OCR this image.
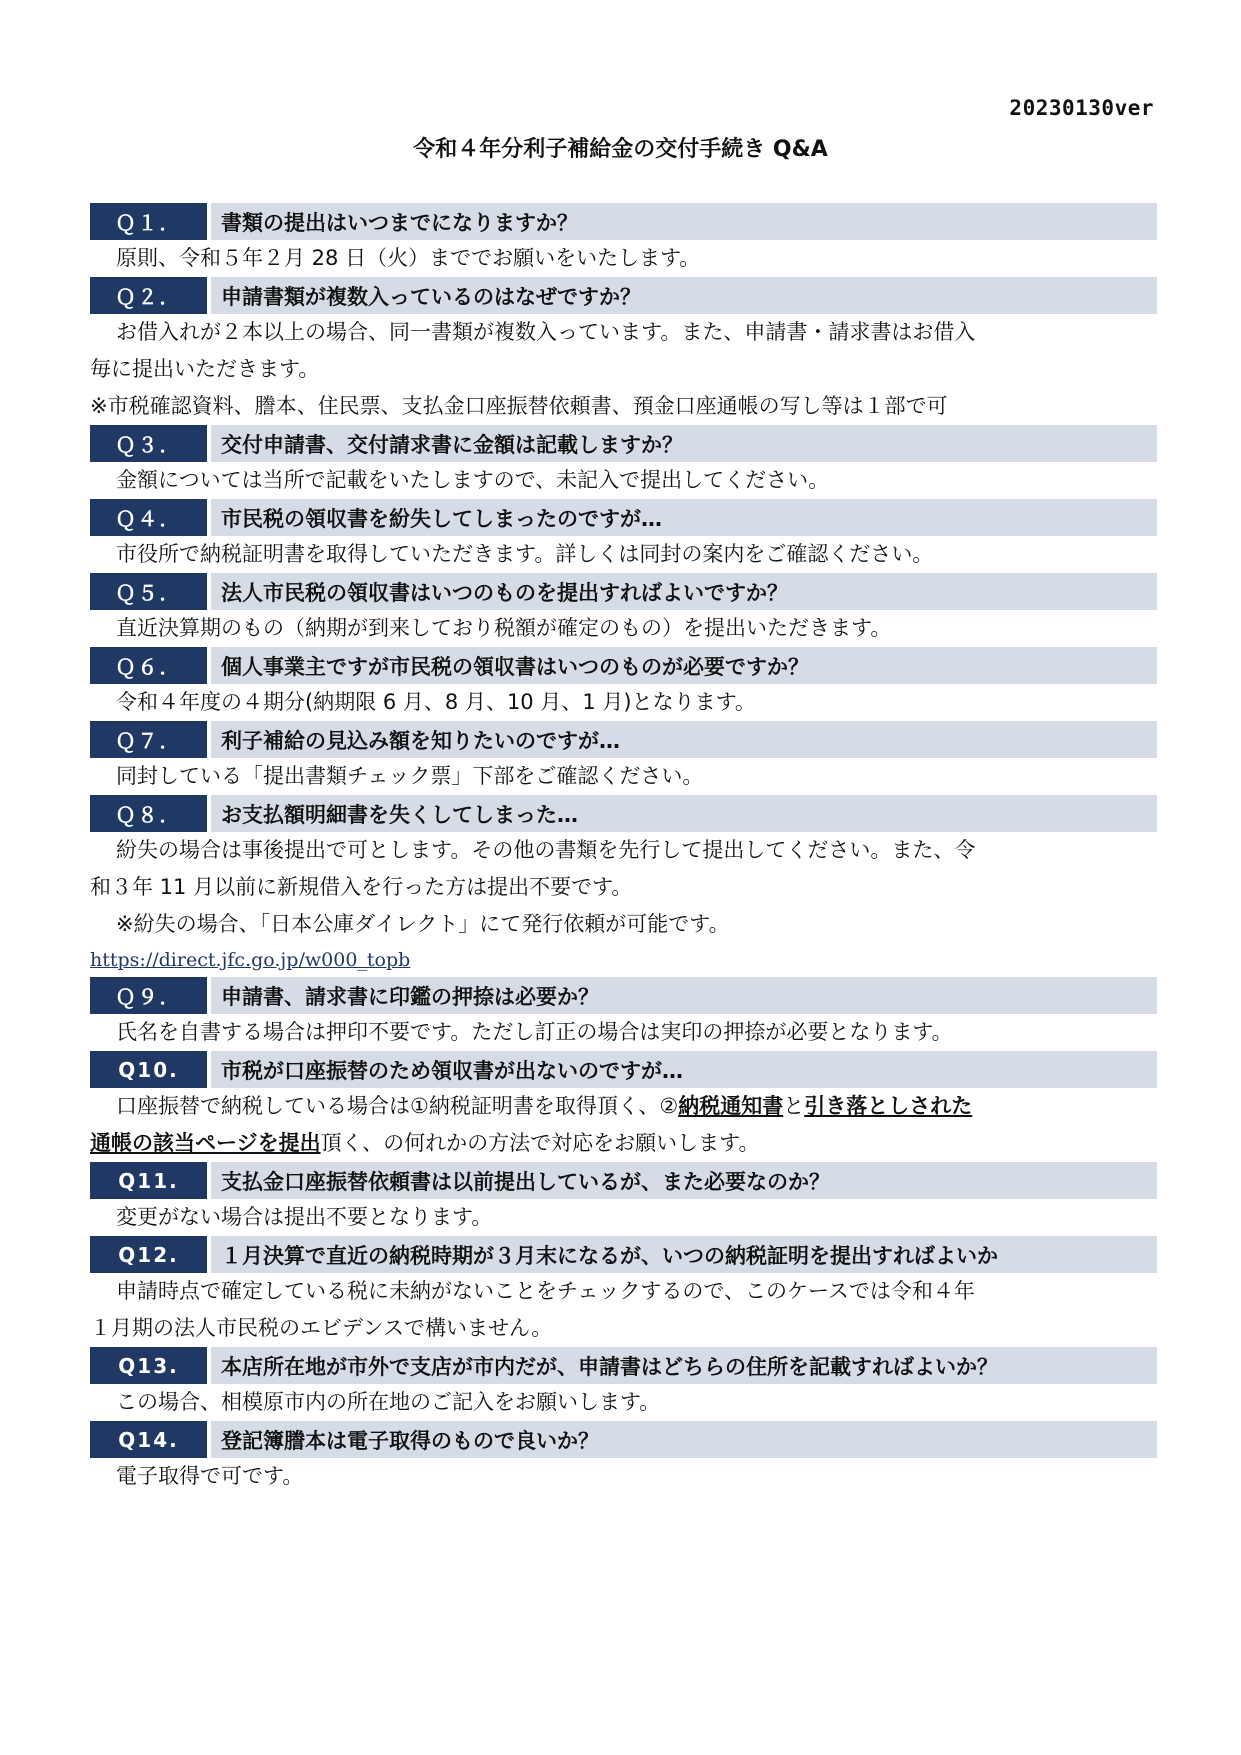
20230130ver
令和４年分利子補給金の交付手続き Q&A
Ｑ１．	書類の提出はいつまでになりますか？

原則、令和５年２月 28 日（火）まででお願いをいたします。

Ｑ２．	申請書類が複数入っているのはなぜですか？

お借入れが２本以上の場合、同一書類が複数入っています。また、申請書・請求書はお借入

毎に提出いただきます。

※市税確認資料、謄本、住民票、支払金口座振替依頼書、預金口座通帳の写し等は１部で可

Ｑ３．	交付申請書、交付請求書に金額は記載しますか？

金額については当所で記載をいたしますので、未記入で提出してください。

Ｑ４．	市民税の領収書を紛失してしまったのですが…

市役所で納税証明書を取得していただきます。詳しくは同封の案内をご確認ください。

Ｑ５．	法人市民税の領収書はいつのものを提出すればよいですか？

直近決算期のもの（納期が到来しており税額が確定のもの）を提出いただきます。

Ｑ６．	個人事業主ですが市民税の領収書はいつのものが必要ですか？

令和４年度の４期分(納期限 6 月、8 月、10 月、1 月)となります。

Ｑ７．	利子補給の見込み額を知りたいのですが…

同封している「提出書類チェック票」下部をご確認ください。

Ｑ８．	お支払額明細書を失くしてしまった…

紛失の場合は事後提出で可とします。その他の書類を先行して提出してください。また、令

和３年 11 月以前に新規借入を行った方は提出不要です。

※紛失の場合、「日本公庫ダイレクト」にて発行依頼が可能です。

https://direct.jfc.go.jp/w000_topb
Ｑ９．	申請書、請求書に印鑑の押捺は必要か？

氏名を自書する場合は押印不要です。ただし訂正の場合は実印の押捺が必要となります。

Q10.	市税が口座振替のため領収書が出ないのですが…

口座振替で納税している場合は①納税証明書を取得頂く、②納税通知書と引き落としされた

通帳の該当ページを提出頂く、の何れかの方法で対応をお願いします。

Q11.	支払金口座振替依頼書は以前提出しているが、また必要なのか？

変更がない場合は提出不要となります。

Q12.	１月決算で直近の納税時期が３月末になるが、いつの納税証明を提出すればよいか

申請時点で確定している税に未納がないことをチェックするので、このケースでは令和４年

１月期の法人市民税のエビデンスで構いません。

Q13.	本店所在地が市外で支店が市内だが、申請書はどちらの住所を記載すればよいか？

この場合、相模原市内の所在地のご記入をお願いします。

Q14.	登記簿謄本は電子取得のもので良いか？

電子取得で可です。
